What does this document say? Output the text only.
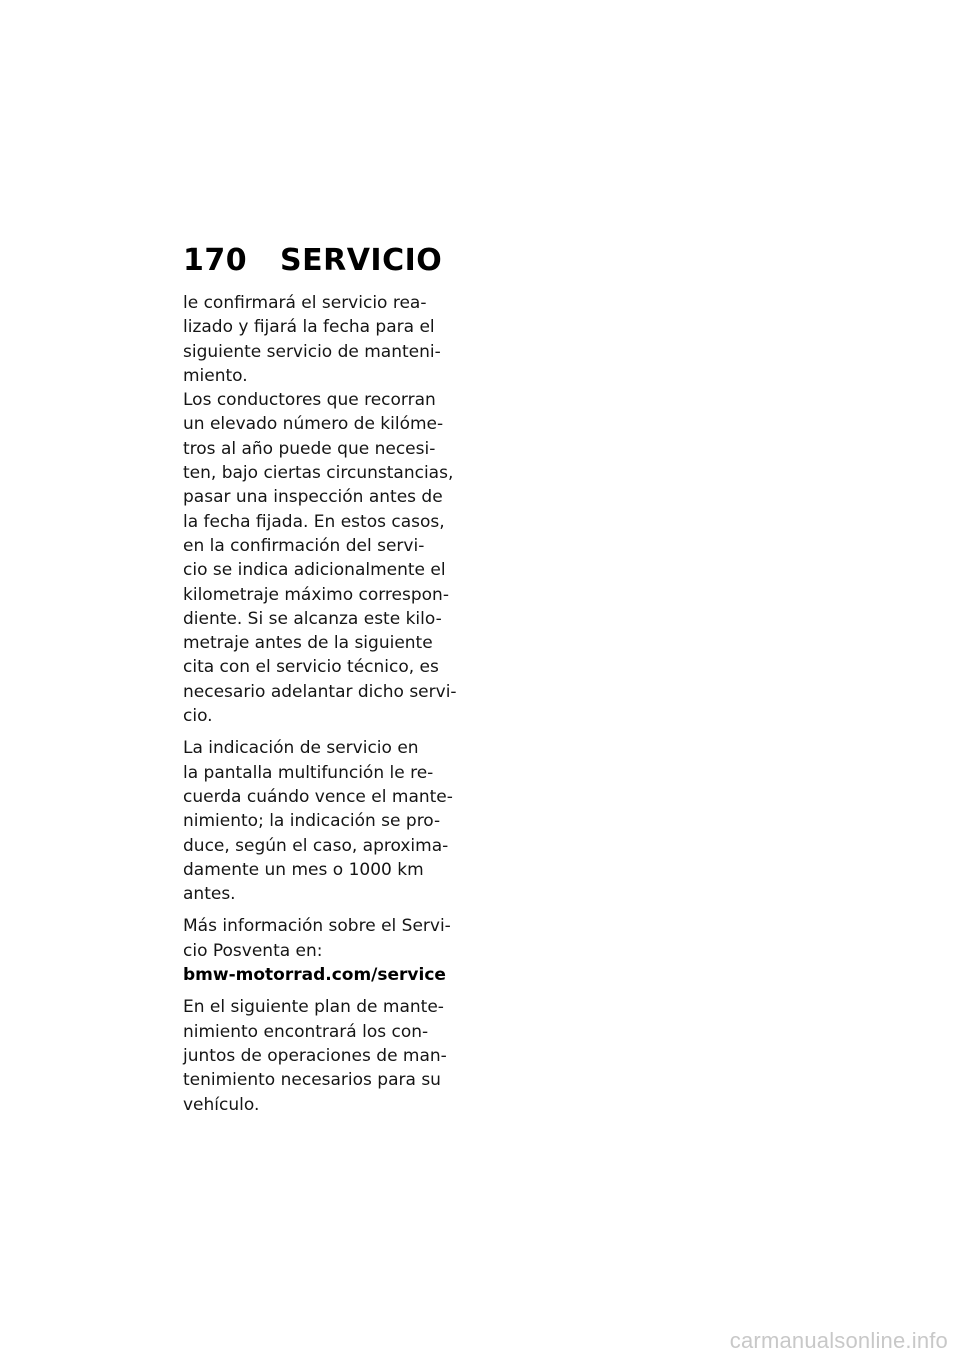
170	SERVICIO

le confirmará el servicio rea-
lizado y fijará la fecha para el
siguiente servicio de manteni-
miento.

Los conductores que recorran
un elevado número de kilóme-
tros al año puede que necesi-
ten, bajo ciertas circunstancias,
pasar una inspección antes de
la fecha fijada. En estos casos,
en la confirmación del servi-
cio se indica adicionalmente el
kilometraje máximo correspon-
diente. Si se alcanza este kilo-
metraje antes de la siguiente
cita con el servicio técnico, es
necesario adelantar dicho servi-
cio.

La indicación de servicio en
la pantalla multifunción le re-
cuerda cuándo vence el mante-
nimiento; la indicación se pro-
duce, según el caso, aproxima-
damente un mes o 1000 km
antes.

Más información sobre el Servi-
cio Posventa en:
bmw-motorrad.com/service

En el siguiente plan de mante-
nimiento encontrará los con-
juntos de operaciones de man-
tenimiento necesarios para su
vehículo.

carmanualsonline.info
